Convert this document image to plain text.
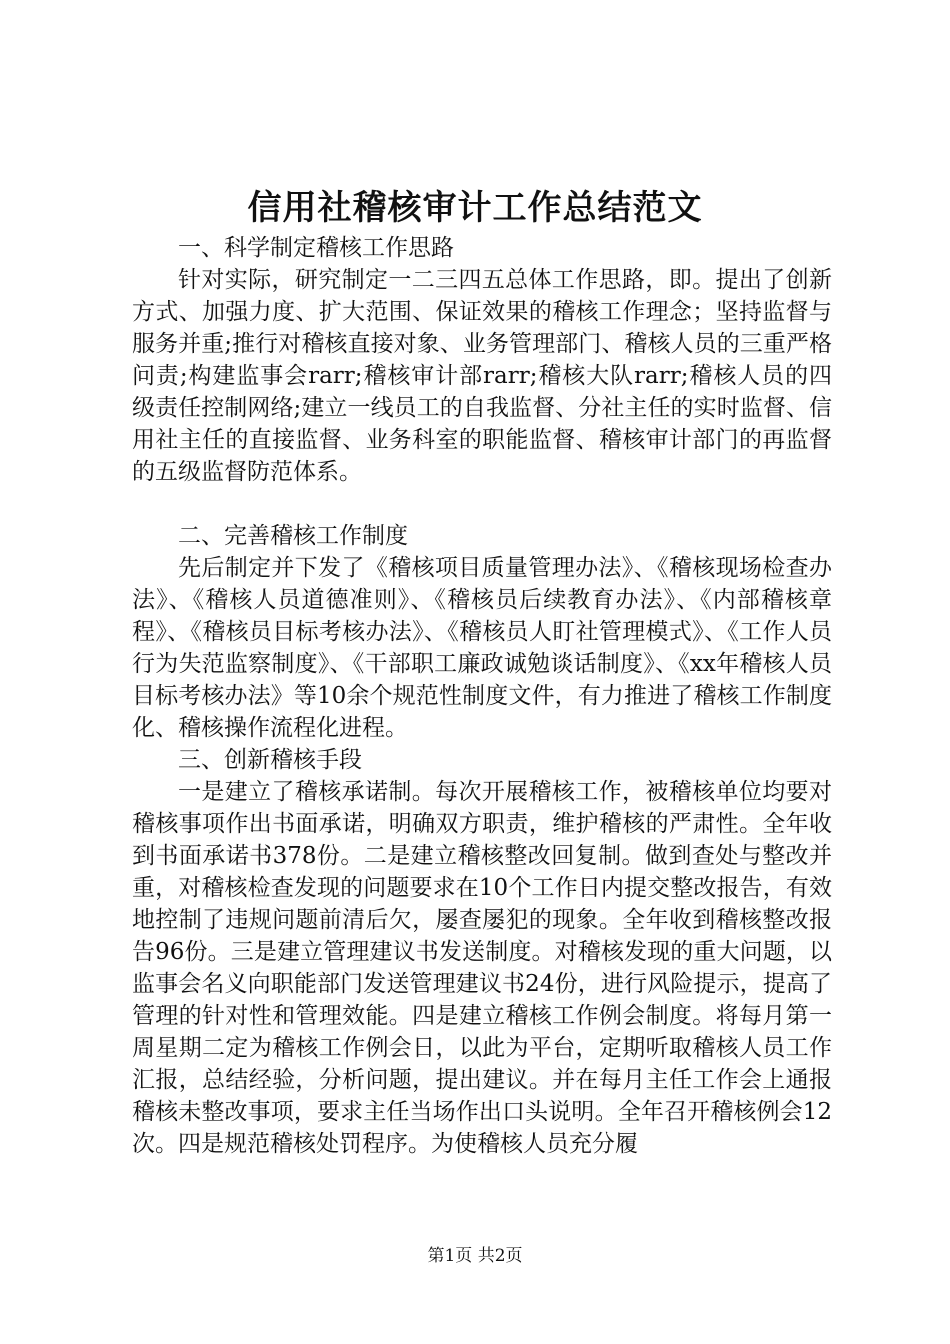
信用社稽核审计工作总结范文

一、科学制定稽核工作思路

针对实际，研究制定一二三四五总体工作思路，即。提出了创新方式、加强力度、扩大范围、保证效果的稽核工作理念；坚持监督与服务并重;推行对稽核直接对象、业务管理部门、稽核人员的三重严格问责;构建监事会rarr;稽核审计部rarr;稽核大队rarr;稽核人员的四级责任控制网络;建立一线员工的自我监督、分社主任的实时监督、信用社主任的直接监督、业务科室的职能监督、稽核审计部门的再监督的五级监督防范体系。

二、完善稽核工作制度

先后制定并下发了《稽核项目质量管理办法》、《稽核现场检查办法》、《稽核人员道德准则》、《稽核员后续教育办法》、《内部稽核章程》、《稽核员目标考核办法》、《稽核员人盯社管理模式》、《工作人员行为失范监察制度》、《干部职工廉政诚勉谈话制度》、《xx年稽核人员目标考核办法》等10余个规范性制度文件，有力推进了稽核工作制度化、稽核操作流程化进程。

三、创新稽核手段

一是建立了稽核承诺制。每次开展稽核工作，被稽核单位均要对稽核事项作出书面承诺，明确双方职责，维护稽核的严肃性。全年收到书面承诺书378份。二是建立稽核整改回复制。做到查处与整改并重，对稽核检查发现的问题要求在10个工作日内提交整改报告，有效地控制了违规问题前清后欠，屡查屡犯的现象。全年收到稽核整改报告96份。三是建立管理建议书发送制度。对稽核发现的重大问题，以监事会名义向职能部门发送管理建议书24份，进行风险提示，提高了管理的针对性和管理效能。四是建立稽核工作例会制度。将每月第一周星期二定为稽核工作例会日，以此为平台，定期听取稽核人员工作汇报，总结经验，分析问题，提出建议。并在每月主任工作会上通报稽核未整改事项，要求主任当场作出口头说明。全年召开稽核例会12次。四是规范稽核处罚程序。为使稽核人员充分履

第1页 共2页
